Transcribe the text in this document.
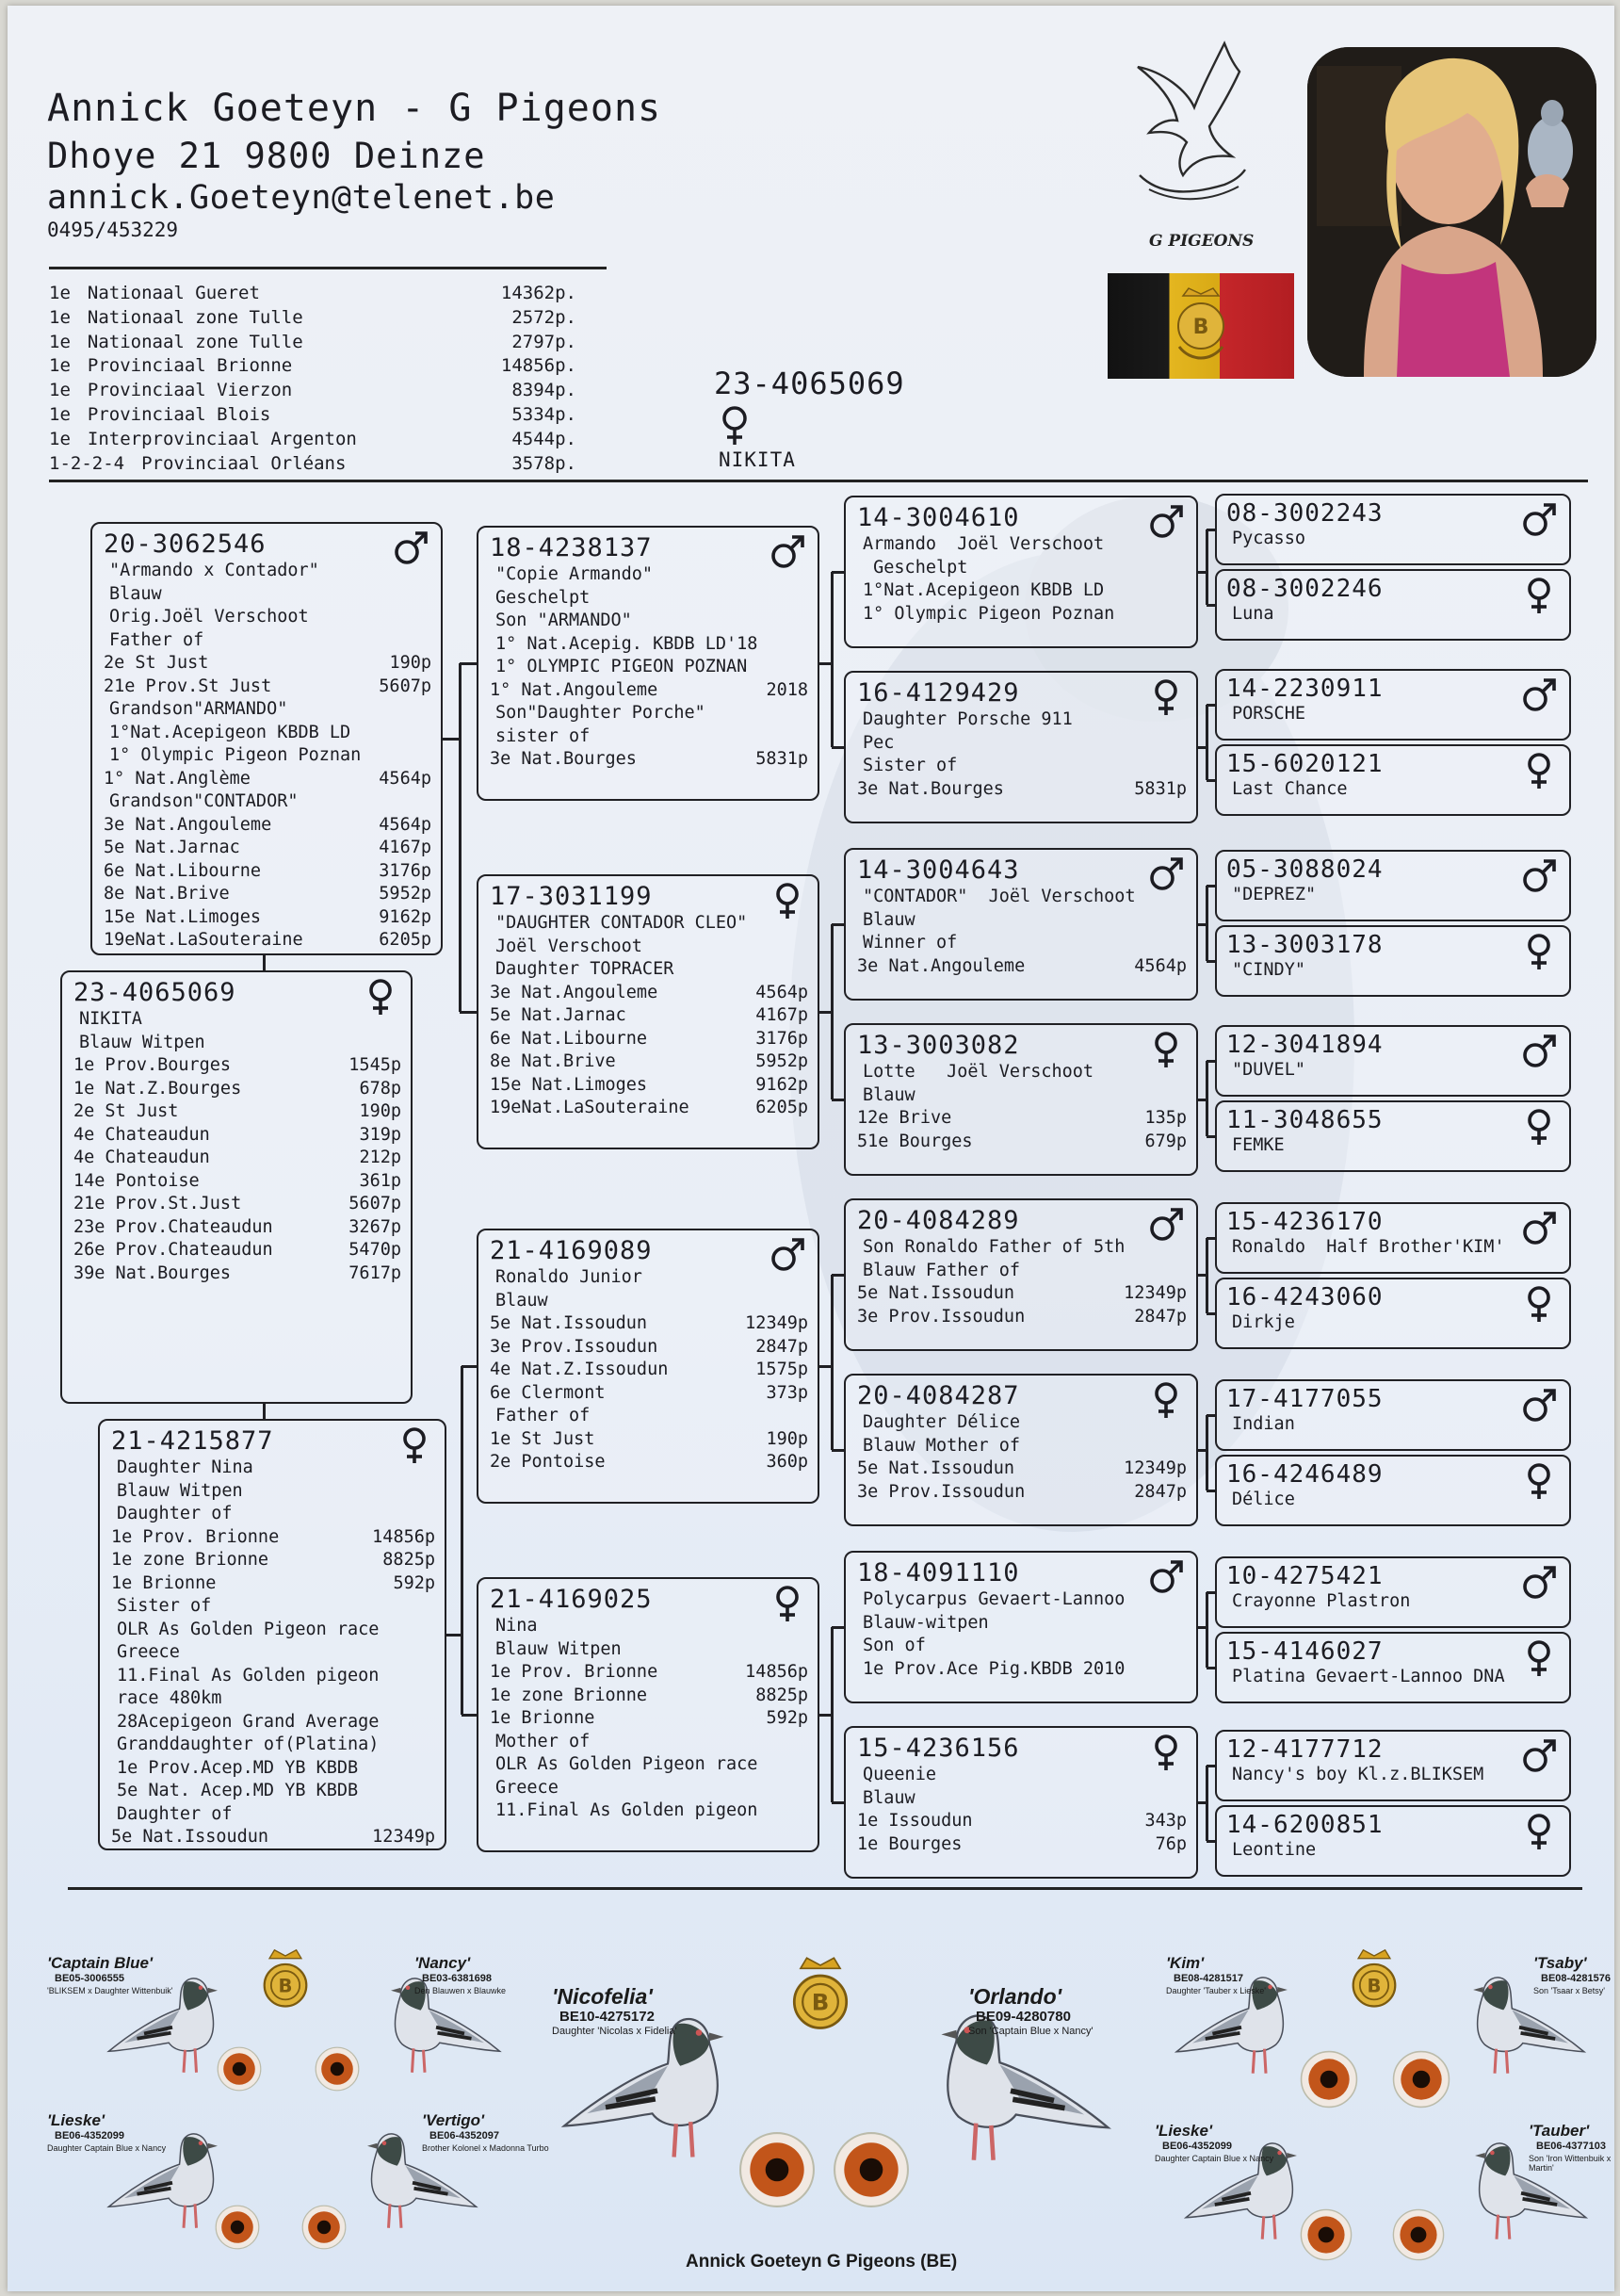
Annick Goeteyn - G Pigeons
Dhoye 21 9800 Deinze
annick.Goeteyn@telenet.be
0495/453229
1e Nationaal Gueret	14362p.
1e Nationaal zone Tulle	2572p.
1e Nationaal zone Tulle	2797p.
1e Provinciaal Brionne	14856p.
1e Provinciaal Vierzon	8394p.
1e Provinciaal Blois	5334p.
1e Interprovinciaal Argenton	4544p.
1-2-2-4 Provinciaal Orléans	3578p.
23-4065069
NIKITA
G PIGEONS
B
20-3062546
"Armando x Contador"
Blauw
Orig.Joël Verschoot
Father of
2e St Just	190p
21e Prov.St Just	5607p
Grandson"ARMANDO"
1°Nat.Acepigeon KBDB LD
1° Olympic Pigeon Poznan
1° Nat.Anglème	4564p
Grandson"CONTADOR"
3e Nat.Angouleme	4564p
5e Nat.Jarnac	4167p
6e Nat.Libourne	3176p
8e Nat.Brive	5952p
15e Nat.Limoges	9162p
19eNat.LaSouteraine	6205p
23-4065069
NIKITA
Blauw Witpen
1e Prov.Bourges	1545p
1e Nat.Z.Bourges	678p
2e St Just	190p
4e Chateaudun	319p
4e Chateaudun	212p
14e Pontoise	361p
21e Prov.St.Just	5607p
23e Prov.Chateaudun	3267p
26e Prov.Chateaudun	5470p
39e Nat.Bourges	7617p
21-4215877
Daughter Nina
Blauw Witpen
Daughter of
1e Prov. Brionne	14856p
1e zone Brionne	8825p
1e Brionne	592p
Sister of
OLR As Golden Pigeon race
Greece
11.Final As Golden pigeon
race 480km
28Acepigeon Grand Average
Granddaughter of(Platina)
1e Prov.Acep.MD YB KBDB
5e Nat. Acep.MD YB KBDB
Daughter of
5e Nat.Issoudun	12349p
18-4238137
"Copie Armando"
Geschelpt
Son "ARMANDO"
1° Nat.Acepig. KBDB LD'18
1° OLYMPIC PIGEON POZNAN
1° Nat.Angouleme	2018
Son"Daughter Porche"
sister of
3e Nat.Bourges	5831p
17-3031199
"DAUGHTER CONTADOR CLEO"
Joël Verschoot
Daughter TOPRACER
3e Nat.Angouleme	4564p
5e Nat.Jarnac	4167p
6e Nat.Libourne	3176p
8e Nat.Brive	5952p
15e Nat.Limoges	9162p
19eNat.LaSouteraine	6205p
21-4169089
Ronaldo Junior
Blauw
5e Nat.Issoudun	12349p
3e Prov.Issoudun	2847p
4e Nat.Z.Issoudun	1575p
6e Clermont	373p
Father of
1e St Just	190p
2e Pontoise	360p
21-4169025
Nina
Blauw Witpen
1e Prov. Brionne	14856p
1e zone Brionne	8825p
1e Brionne	592p
Mother of
OLR As Golden Pigeon race
Greece
11.Final As Golden pigeon
14-3004610
Armando  Joël Verschoot
Geschelpt
1°Nat.Acepigeon KBDB LD
1° Olympic Pigeon Poznan
16-4129429
Daughter Porsche 911
Pec
Sister of
3e Nat.Bourges	5831p
14-3004643
"CONTADOR"  Joël Verschoot
Blauw
Winner of
3e Nat.Angouleme	4564p
13-3003082
Lotte   Joël Verschoot
Blauw
12e Brive	135p
51e Bourges	679p
20-4084289
Son Ronaldo Father of 5th
Blauw Father of
5e Nat.Issoudun	12349p
3e Prov.Issoudun	2847p
20-4084287
Daughter Délice
Blauw Mother of
5e Nat.Issoudun	12349p
3e Prov.Issoudun	2847p
18-4091110
Polycarpus Gevaert-Lannoo
Blauw-witpen
Son of
1e Prov.Ace Pig.KBDB 2010
15-4236156
Queenie
Blauw
1e Issoudun	343p
1e Bourges	76p
08-3002243
Pycasso
08-3002246
Luna
14-2230911
PORSCHE
15-6020121
Last Chance
05-3088024
"DEPREZ"
13-3003178
"CINDY"
12-3041894
"DUVEL"
11-3048655
FEMKE
15-4236170
Ronaldo  Half Brother'KIM'
16-4243060
Dirkje
17-4177055
Indian
16-4246489
Délice
10-4275421
Crayonne Plastron
15-4146027
Platina Gevaert-Lannoo DNA
12-4177712
Nancy's boy Kl.z.BLIKSEM
14-6200851
Leontine
'Captain Blue'
BE05-3006555
'BLIKSEM x Daughter Wittenbuik'
'Nancy'
BE03-6381698
Den Blauwen x Blauwke
'Lieske'
BE06-4352099
Daughter Captain Blue x Nancy
'Vertigo'
BE06-4352097
Brother Kolonel x Madonna Turbo
'Nicofelia'
BE10-4275172
Daughter 'Nicolas x Fidelia'
'Orlando'
BE09-4280780
Son 'Captain Blue x Nancy'
'Kim'
BE08-4281517
Daughter 'Tauber x Lieske'
'Tsaby'
BE08-4281576
Son 'Tsaar x Betsy'
'Lieske'
BE06-4352099
Daughter Captain Blue x Nancy
'Tauber'
BE06-4377103
Son 'Iron Wittenbuik x Martin'
B
B
B
Annick Goeteyn G Pigeons (BE)
